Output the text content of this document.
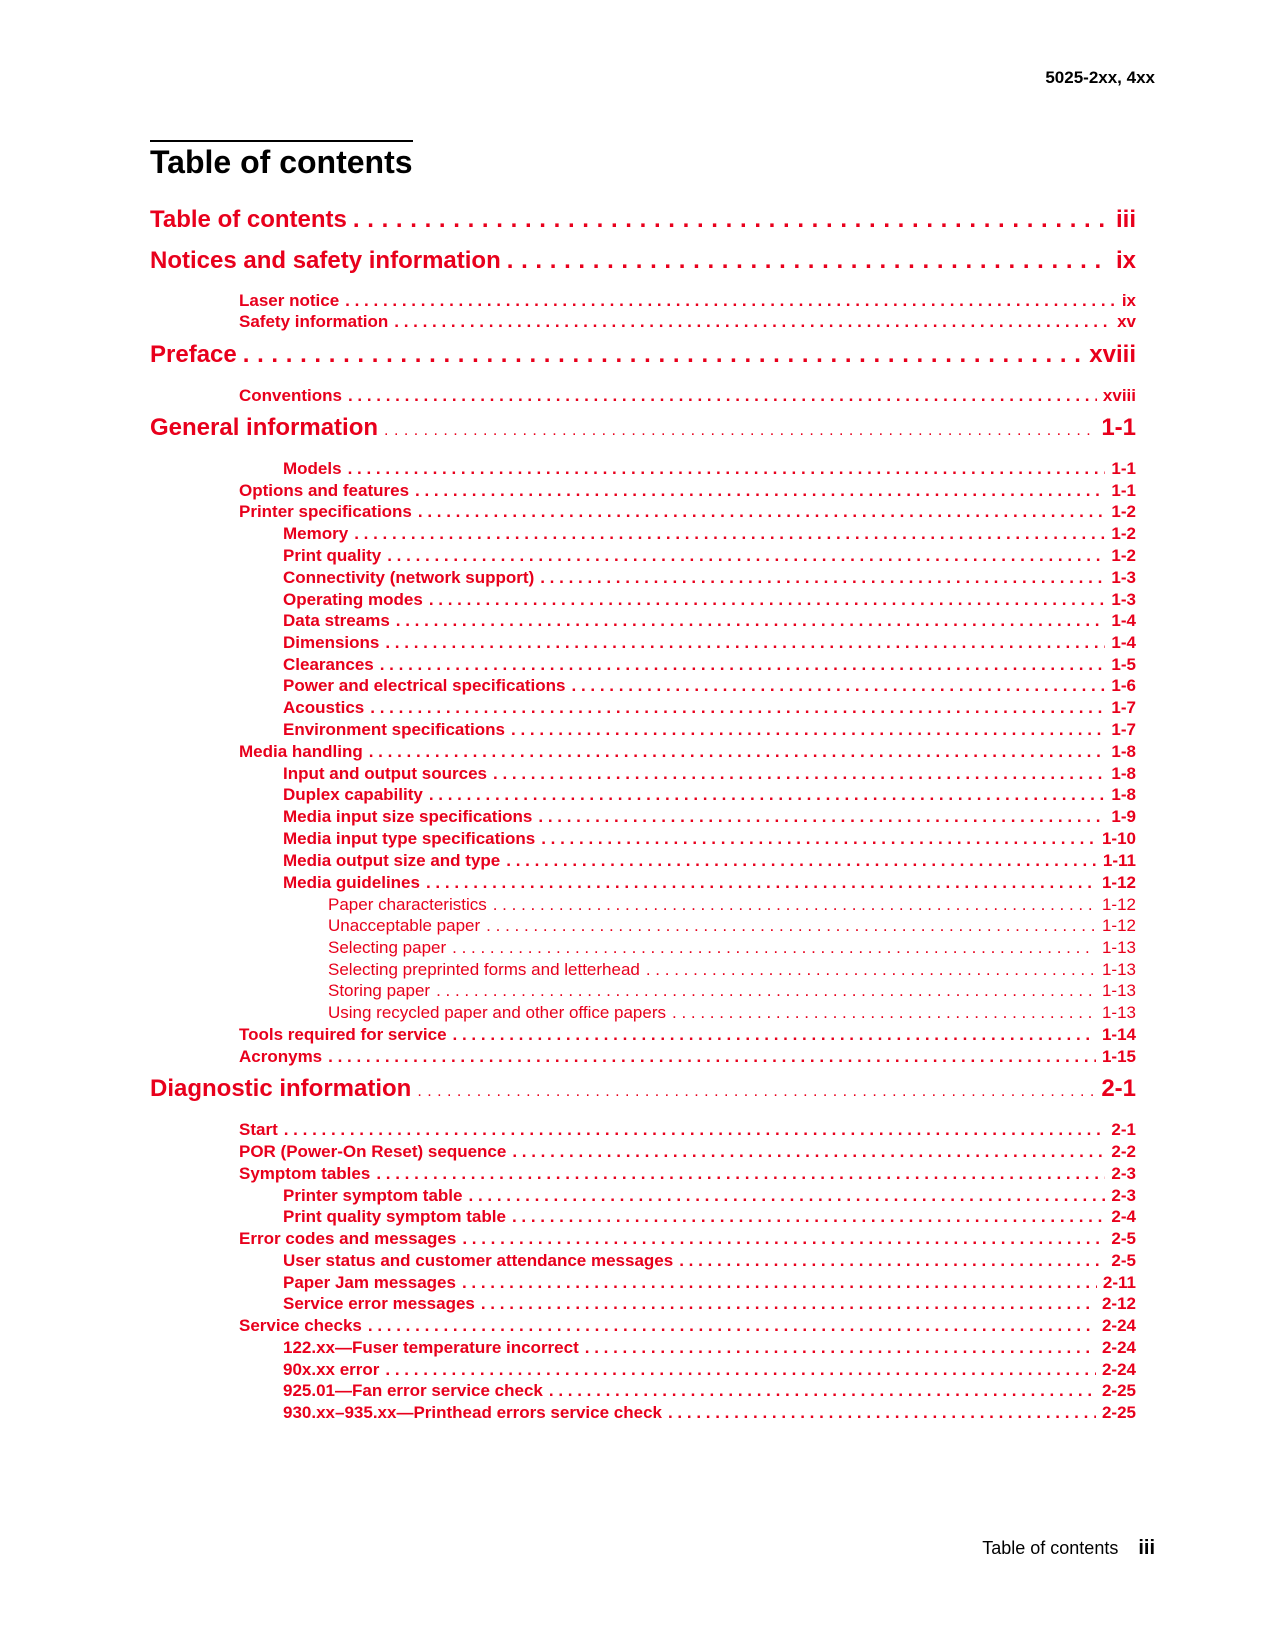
5025-2xx, 4xx
Table of contents
Table of contents . . .	iii
Notices and safety information . . .	ix
Laser notice . . .	ix
Safety information . . .	xv
Preface . . .	xviii
Conventions . . .	xviii
General information . . .	1-1
Models . . .	1-1
Options and features . . .	1-1
Printer specifications . . .	1-2
Memory . . .	1-2
Print quality . . .	1-2
Connectivity (network support) . . .	1-3
Operating modes . . .	1-3
Data streams . . .	1-4
Dimensions . . .	1-4
Clearances . . .	1-5
Power and electrical specifications . . .	1-6
Acoustics . . .	1-7
Environment specifications . . .	1-7
Media handling . . .	1-8
Input and output sources . . .	1-8
Duplex capability . . .	1-8
Media input size specifications . . .	1-9
Media input type specifications . . .	1-10
Media output size and type . . .	1-11
Media guidelines . . .	1-12
Paper characteristics . . .	1-12
Unacceptable paper . . .	1-12
Selecting paper . . .	1-13
Selecting preprinted forms and letterhead . . .	1-13
Storing paper . . .	1-13
Using recycled paper and other office papers . . .	1-13
Tools required for service . . .	1-14
Acronyms . . .	1-15
Diagnostic information . . .	2-1
Start . . .	2-1
POR (Power-On Reset) sequence . . .	2-2
Symptom tables . . .	2-3
Printer symptom table . . .	2-3
Print quality symptom table . . .	2-4
Error codes and messages . . .	2-5
User status and customer attendance messages . . .	2-5
Paper Jam messages . . .	2-11
Service error messages . . .	2-12
Service checks . . .	2-24
122.xx—Fuser temperature incorrect . . .	2-24
90x.xx error . . .	2-24
925.01—Fan error service check . . .	2-25
930.xx–935.xx—Printhead errors service check . . .	2-25
Table of contents iii
